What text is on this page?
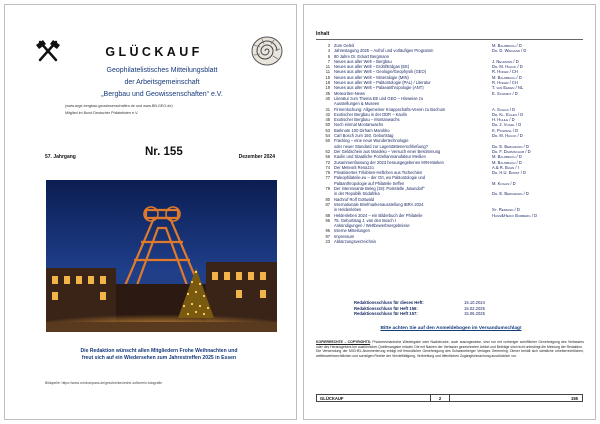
GLÜCKAUF
Geophilatelistisches Mitteilungsblatt
der Arbeitsgemeinschaft
„Bergbau und Geowissenschaften“ e.V.
(www.arge-bergbau-geowissenschaften.de und www.BB-GEO.de)
Mitglied im Bund Deutscher Philatelisten e.V.
57. Jahrgang	Nr. 155	Dezember 2024
Die Redaktion wünscht allen Mitgliedern Frohe Weihnachten und
freut sich auf ein Wiedersehen zum Jahrestreffen 2025 in Essen
Bildquelle: https://www.ruhrkompass.de/geschichte/zeche-zollverein-fotografie
Inhalt
3 Zum Geleit	M. Baumbach / D
4 Jahrestagung 2025 – Aufruf und vorläufiges Programm	Dr. D. Wiegand / D
6 80 Jahre Dr. Eckart Bergmann
7 Neues aus aller Welt – Bergbau	J. Neumann / D
11 Neues aus aller Welt – Erdöl/Erdgas (EE)	Dr. M. Hauck / D
11 Neues aus aller Welt – Geologie/Geophysik (GEO)	R. Hofer / CH
15 Neues aus aller Welt – Mineralogie (MIN)	M. Baumbach / D
18 Neues aus aller Welt – Paläontologie (PAL) / Literatur	R. Hofer / CH
19 Neues aus aller Welt – Palaeanthropologie (ANT)	T. van Eeden / NL
35 Meteoriten-News	E. Schmidt / D
40 Literatur zum Thema EE und GEO – Hinweise zu
Ausstellungen & Museen
41 Firmenlochung: Allgemeiner Knappschafts-Verein zu Bochum	A. Schild / D
42 Exotischer Bergbau in der DDR – Kaolin	Dr. Kl. Eulen / D
45 Exotischer Bergbau – Montanwachs	H. Huhle / D
50 Noch einmal Montanwachs	Dr. J. Vogel / D
53 Barknote 100 Dirham Marokko	K. Pospesl / D
54 Carl Bosch zum 150. Geburtstag	Dr. M. Hauck / D
60 Fracking – eine neue Wundertechnologie
oder neuer Standard zur Lagerstättenerschließung?	Dr. E. Bergmann / D
62 Der Geldschein aus Marokko – Versuch einer Bestimmung	Dr. F. Dammschub / D
66 Kaolin und Staatliche Porzellanmanufaktur Meißen	M. Baumbach / D
72 Zusammenfassung der 2023 herausgegebenen MIN-Marken	M. Baumbach / D
74 Der Meteorit Renazzo	A.& R. Bühn / I
76 Privatisiertes Trilobiten-Heftchen aus Tschechien	Dr. H.U. Ernst / D
77 Paleophilatelie.eu – der Ort, wo Paläontologie und
Paläanthropologie auf Philatelie treffen	M. Kogan / D
79 Der interessante Beleg (19): Poststelle „Naundorf“
in der Republik Südafrika	Dr. E. Bergmann / D
80 Nachruf Rolf Gottwald
87 Internationale Briefmarkenausstellung IBRA 2024
in Heldenleben	St. Reimann / D
88 Heldenleben 2024 – ein Bilderbuch der Philatelie	Hans&Heiko Burberg / D
95 75. Geburtstag J. van den Bosch I
Ankündigungen / Wettbewerbsergebnisse
96 Interne Mitteilungen
97 Impressum
23 Abkürzungsverzeichnis
Redaktionsschluss für dieses Heft:	15.10.2024
Redaktionsschluss für Heft 156:	15.02.2025
Redaktionsschluss für Heft 157:	15.06.2025
Bitte achten Sie auf den Anmeldebogen im Versandumschlag!

KOPIERRECHTE – COPYRIGHTS: Photomechanische Wiedergabe oder Nachdrucke, auch auszugsweise, sind nur mit vorheriger schriftlicher Genehmigung des Verfassers oder des Herausgebers bei ausführlicher Quellenangabe erlaubt. Die mit Namen der Verfasser gezeichneten Artikel und Beiträge sind nicht unbedingt die Meinung der Redaktion.

Die Verwendung der MICHEL-Nummerierung erfolgt mit freundlicher Genehmigung des Schwaneberger Verlages Germering. Dieser behält sich sämtliche urheberrechtlichen, wettbewerbsrechtlichen und sonstigen Rechte der Vervielfältigung, Verbreitung und öffentlichen Zugänglichmachung ausdrücklich vor.

GLÜCKAUF	2	155
